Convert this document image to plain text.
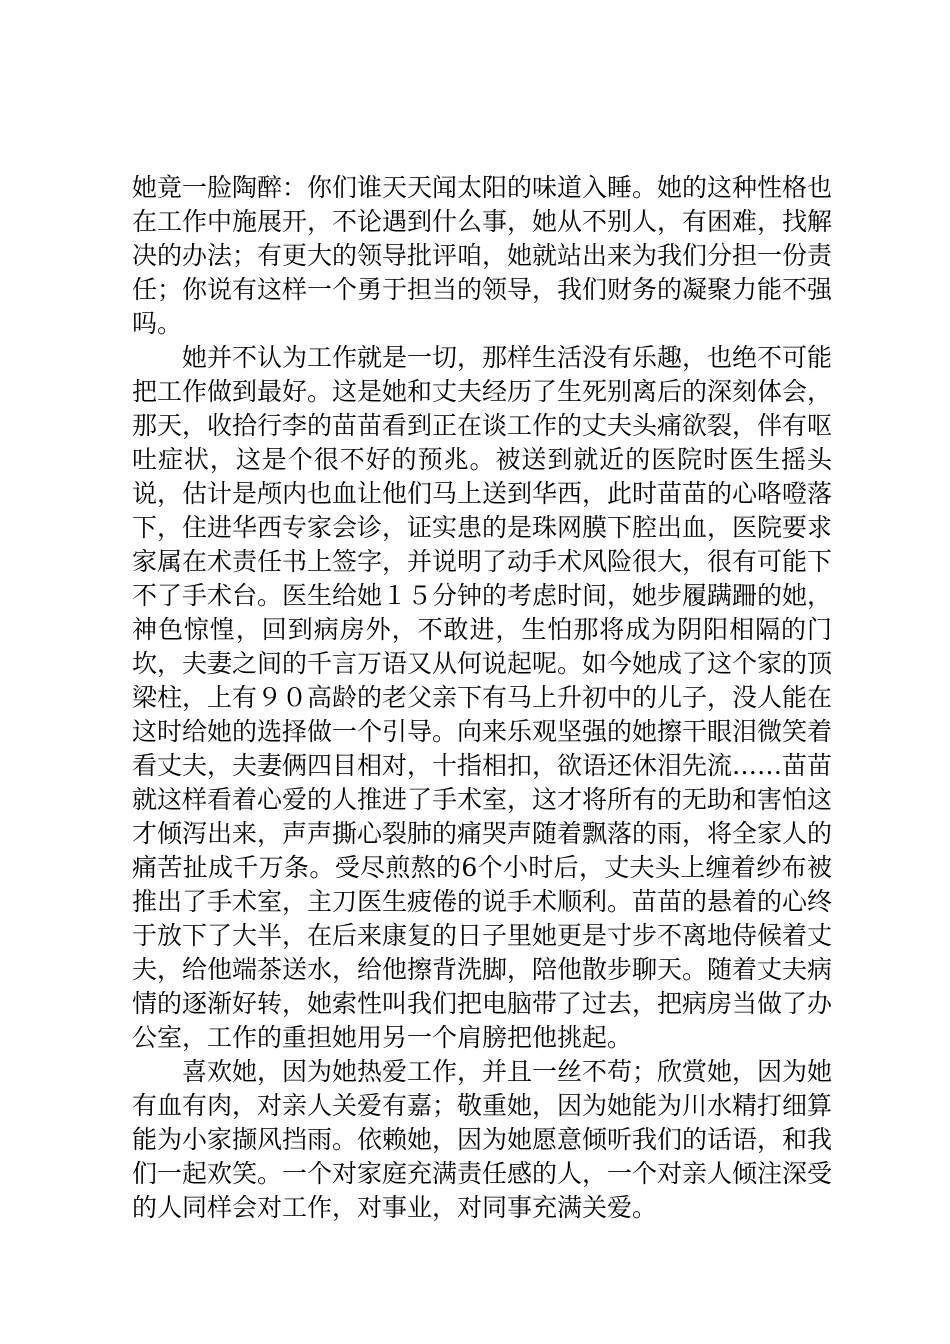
她竟一脸陶醉：你们谁天天闻太阳的味道入睡。她的这种性格也在工作中施展开，不论遇到什么事，她从不别人，有困难，找解决的办法；有更大的领导批评咱，她就站出来为我们分担一份责任；你说有这样一个勇于担当的领导，我们财务的凝聚力能不强吗。

她并不认为工作就是一切，那样生活没有乐趣，也绝不可能把工作做到最好。这是她和丈夫经历了生死别离后的深刻体会，那天，收拾行李的苗苗看到正在谈工作的丈夫头痛欲裂，伴有呕吐症状，这是个很不好的预兆。被送到就近的医院时医生摇头说，估计是颅内也血让他们马上送到华西，此时苗苗的心咯噔落下，住进华西专家会诊，证实患的是珠网膜下腔出血，医院要求家属在术责任书上签字，并说明了动手术风险很大，很有可能下不了手术台。医生给她１５分钟的考虑时间，她步履蹒跚的她，神色惊惶，回到病房外，不敢进，生怕那将成为阴阳相隔的门坎，夫妻之间的千言万语又从何说起呢。如今她成了这个家的顶梁柱，上有９０高龄的老父亲下有马上升初中的儿子，没人能在这时给她的选择做一个引导。向来乐观坚强的她擦干眼泪微笑着看丈夫，夫妻俩四目相对，十指相扣，欲语还休泪先流……苗苗就这样看着心爱的人推进了手术室，这才将所有的无助和害怕这才倾泻出来，声声撕心裂肺的痛哭声随着飘落的雨，将全家人的痛苦扯成千万条。受尽煎熬的6个小时后，丈夫头上缠着纱布被推出了手术室，主刀医生疲倦的说手术顺利。苗苗的悬着的心终于放下了大半，在后来康复的日子里她更是寸步不离地侍候着丈夫，给他端茶送水，给他擦背洗脚，陪他散步聊天。随着丈夫病情的逐渐好转，她索性叫我们把电脑带了过去，把病房当做了办公室，工作的重担她用另一个肩膀把他挑起。

喜欢她，因为她热爱工作，并且一丝不苟；欣赏她，因为她有血有肉，对亲人关爱有嘉；敬重她，因为她能为川水精打细算能为小家撷风挡雨。依赖她，因为她愿意倾听我们的话语，和我们一起欢笑。一个对家庭充满责任感的人，一个对亲人倾注深受的人同样会对工作，对事业，对同事充满关爱。
